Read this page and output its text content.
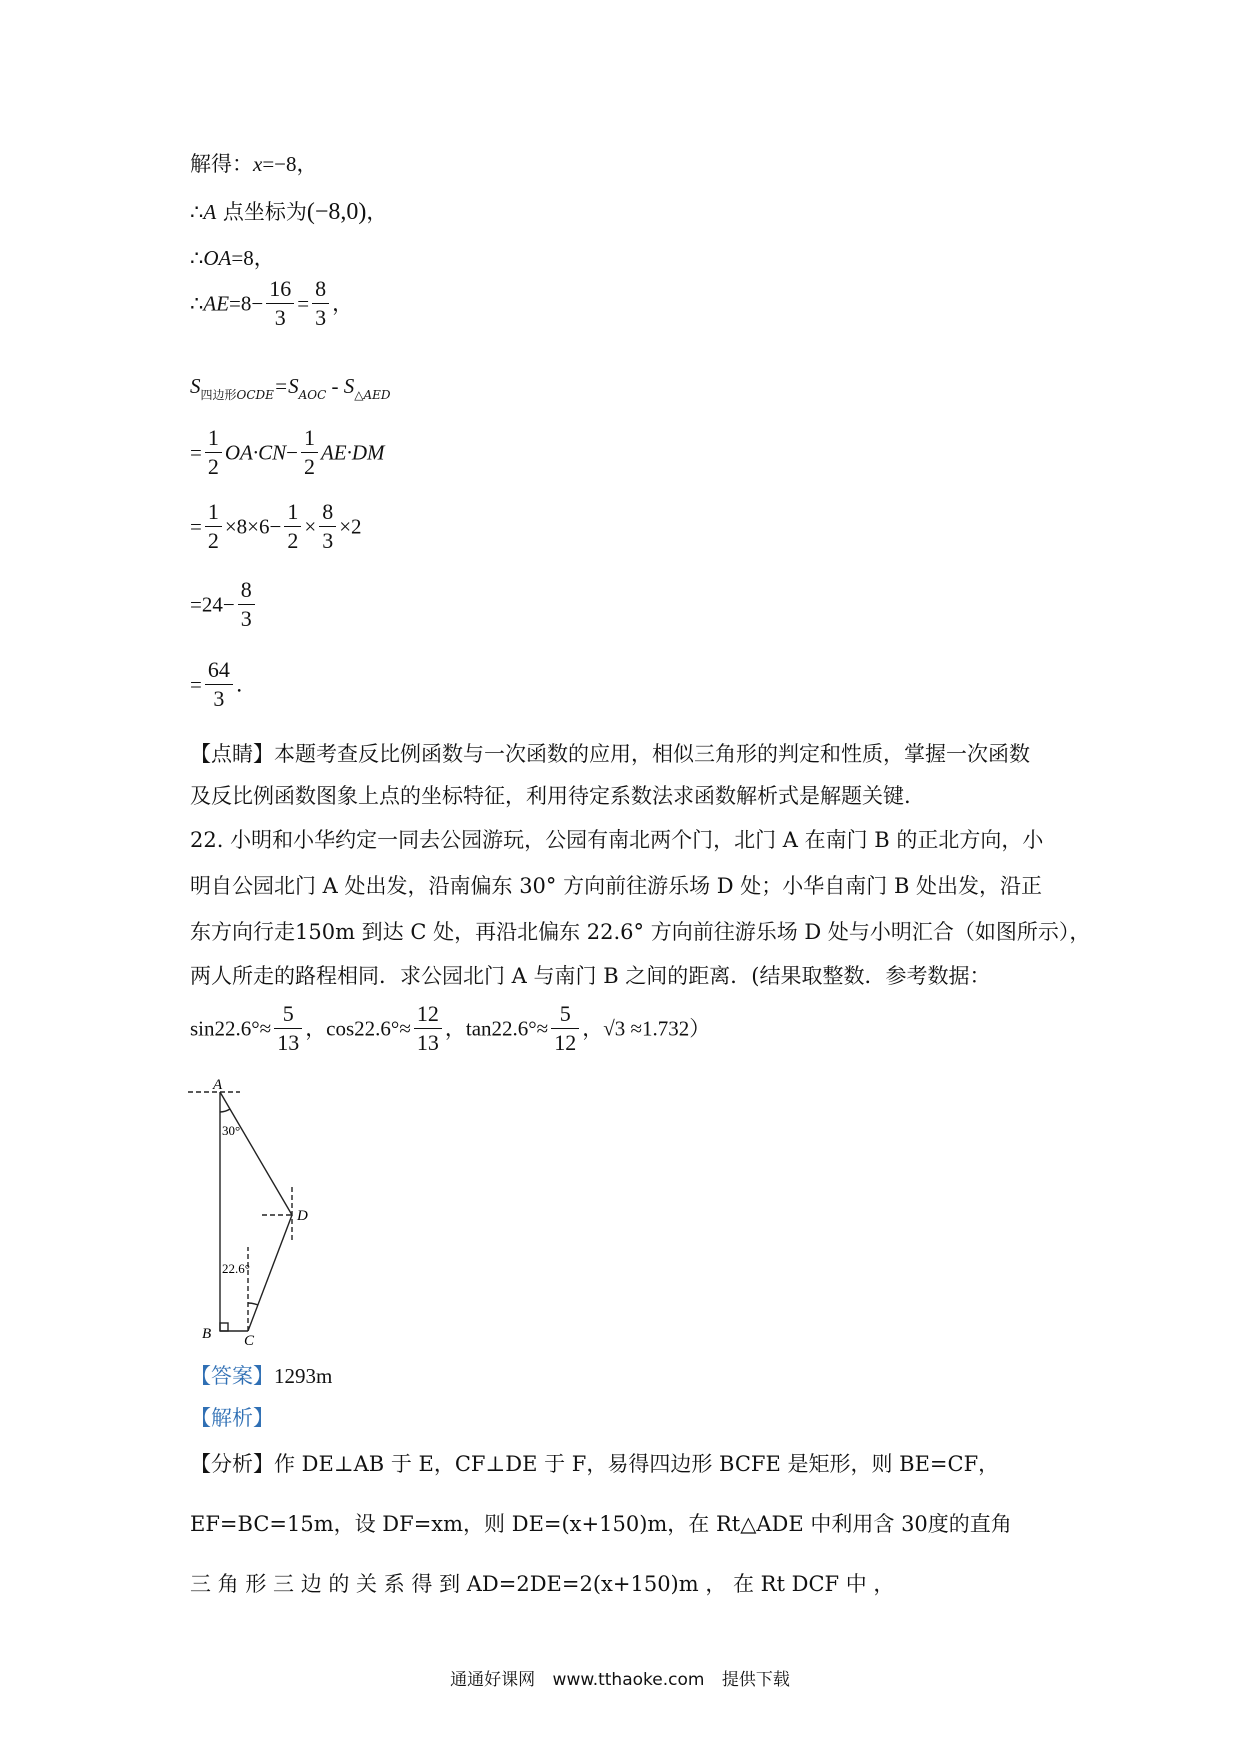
解得：x=−8，
∴A 点坐标为(−8,0)，
∴OA=8，
∴AE=8− $\frac{16}{3} = \frac{8}{3}$ ，
$S_{四边形OCDE}=S_{AOC} - S_{\triangle AED}$
= $\frac{1}{2} OA\cdot CN- \frac{1}{2} AE\cdot DM$
= $\frac{1}{2} \times 8\times 6- \frac{1}{2} \times \frac{8}{3} \times 2$
$=24- \frac{8}{3}$
= $\frac{64}{3}$ .
【点睛】本题考查反比例函数与一次函数的应用，相似三角形的判定和性质，掌握一次函数
及反比例函数图象上点的坐标特征，利用待定系数法求函数解析式是解题关键.
22. 小明和小华约定一同去公园游玩，公园有南北两个门，北门 A 在南门 B 的正北方向，小
明自公园北门 A 处出发，沿南偏东 30° 方向前往游乐场 D 处；小华自南门 B 处出发，沿正
东方向行走150m 到达 C 处，再沿北偏东 22.6° 方向前往游乐场 D 处与小明汇合（如图所示），
两人所走的路程相同．求公园北门 A 与南门 B 之间的距离．(结果取整数．参考数据：
$\sin 22.6^\circ\approx \frac{5}{13}$ ，$\cos 22.6^\circ\approx \frac{12}{13}$ ，$\tan 22.6^\circ\approx \frac{5}{12}$ ，√3 ≈1.732）
A
B C
D
30°
22.6°
【答案】1293m
【解析】
【分析】作 DE⊥AB 于 E，CF⊥DE 于 F，易得四边形 BCFE 是矩形，则 BE=CF，
EF=BC=15m，设 DF=xm，则 DE=(x+150)m，在 Rt△ADE 中利用含 30度的直角
三 角 形 三 边 的 关 系 得 到 AD=2DE=2(x+150)m ， 在 Rt DCF 中 ，
通通好课网 www.tthaoke.com 提供下载
